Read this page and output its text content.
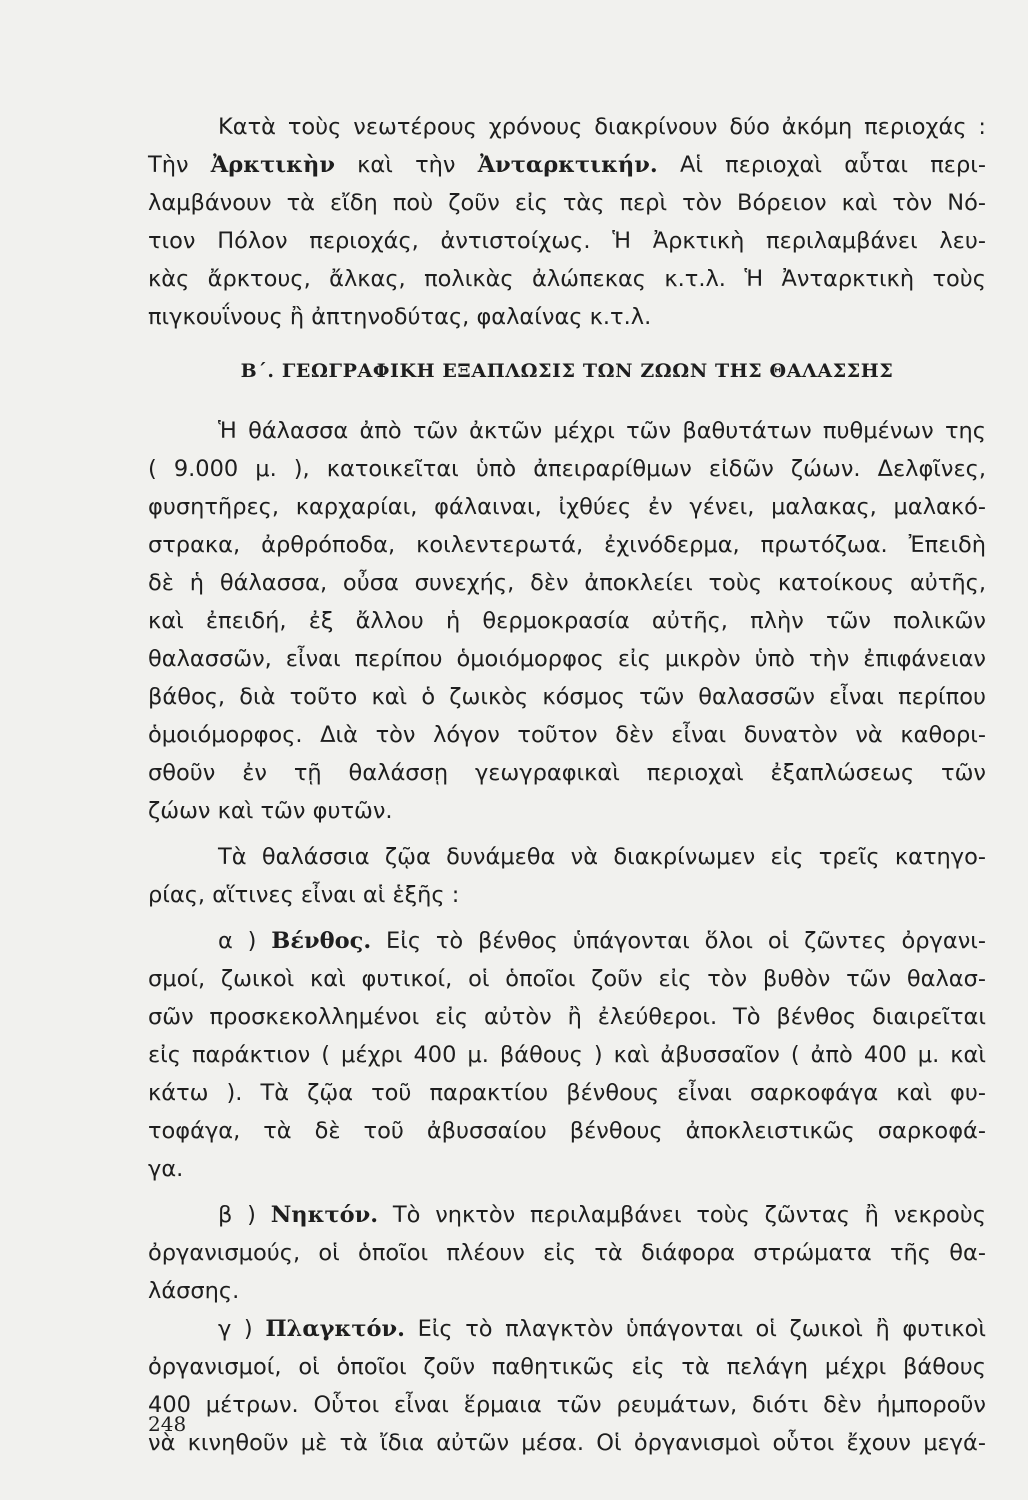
Κατὰ τοὺς νεωτέρους χρόνους διακρίνουν δύο ἀκόμη περιοχάς :
Τὴν Ἀρκτικὴν καὶ τὴν Ἀνταρκτικήν. Αἱ περιοχαὶ αὗται περι-
λαμβάνουν τὰ εἴδη ποὺ ζοῦν εἰς τὰς περὶ τὸν Βόρειον καὶ τὸν Νό-
τιον Πόλον περιοχάς, ἀντιστοίχως. Ἡ Ἀρκτικὴ περιλαμβάνει λευ-
κὰς ἄρκτους, ἄλκας, πολικὰς ἀλώπεκας κ.τ.λ. Ἡ Ἀνταρκτικὴ τοὺς
πιγκουΐνους ἢ ἀπτηνοδύτας, φαλαίνας κ.τ.λ.
Β΄. ΓΕΩΓΡΑΦΙΚΗ ΕΞΑΠΛΩΣΙΣ ΤΩΝ ΖΩΩΝ ΤΗΣ ΘΑΛΑΣΣΗΣ
Ἡ θάλασσα ἀπὸ τῶν ἀκτῶν μέχρι τῶν βαθυτάτων πυθμένων της
( 9.000 μ. ), κατοικεῖται ὑπὸ ἀπειραρίθμων εἰδῶν ζώων. Δελφῖνες,
φυσητῆρες, καρχαρίαι, φάλαιναι, ἰχθύες ἐν γένει, μαλακας, μαλακό-
στρακα, ἀρθρόποδα, κοιλεντερωτά, ἐχινόδερμα, πρωτόζωα. Ἐπειδὴ
δὲ ἡ θάλασσα, οὖσα συνεχής, δὲν ἀποκλείει τοὺς κατοίκους αὐτῆς,
καὶ ἐπειδή, ἐξ ἄλλου ἡ θερμοκρασία αὐτῆς, πλὴν τῶν πολικῶν
θαλασσῶν, εἶναι περίπου ὁμοιόμορφος εἰς μικρὸν ὑπὸ τὴν ἐπιφάνειαν
βάθος, διὰ τοῦτο καὶ ὁ ζωικὸς κόσμος τῶν θαλασσῶν εἶναι περίπου
ὁμοιόμορφος. Διὰ τὸν λόγον τοῦτον δὲν εἶναι δυνατὸν νὰ καθορι-
σθοῦν ἐν τῇ θαλάσσῃ γεωγραφικαὶ περιοχαὶ ἐξαπλώσεως τῶν
ζώων καὶ τῶν φυτῶν.
Τὰ θαλάσσια ζῷα δυνάμεθα νὰ διακρίνωμεν εἰς τρεῖς κατηγο-
ρίας, αἵτινες εἶναι αἱ ἑξῆς :
α ) Βένθος. Εἰς τὸ βένθος ὑπάγονται ὅλοι οἱ ζῶντες ὀργανι-
σμοί, ζωικοὶ καὶ φυτικοί, οἱ ὁποῖοι ζοῦν εἰς τὸν βυθὸν τῶν θαλασ-
σῶν προσκεκολλημένοι εἰς αὐτὸν ἢ ἐλεύθεροι. Τὸ βένθος διαιρεῖται
εἰς παράκτιον ( μέχρι 400 μ. βάθους ) καὶ ἀβυσσαῖον ( ἀπὸ 400 μ. καὶ
κάτω ). Τὰ ζῷα τοῦ παρακτίου βένθους εἶναι σαρκοφάγα καὶ φυ-
τοφάγα, τὰ δὲ τοῦ ἀβυσσαίου βένθους ἀποκλειστικῶς σαρκοφά-
γα.
β ) Νηκτόν. Τὸ νηκτὸν περιλαμβάνει τοὺς ζῶντας ἢ νεκροὺς
ὀργανισμούς, οἱ ὁποῖοι πλέουν εἰς τὰ διάφορα στρώματα τῆς θα-
λάσσης.
γ ) Πλαγκτόν. Εἰς τὸ πλαγκτὸν ὑπάγονται οἱ ζωικοὶ ἢ φυτικοὶ
ὀργανισμοί, οἱ ὁποῖοι ζοῦν παθητικῶς εἰς τὰ πελάγη μέχρι βάθους
400 μέτρων. Οὗτοι εἶναι ἕρμαια τῶν ρευμάτων, διότι δὲν ἠμποροῦν
νὰ κινηθοῦν μὲ τὰ ἴδια αὐτῶν μέσα. Οἱ ὀργανισμοὶ οὗτοι ἔχουν μεγά-
248
